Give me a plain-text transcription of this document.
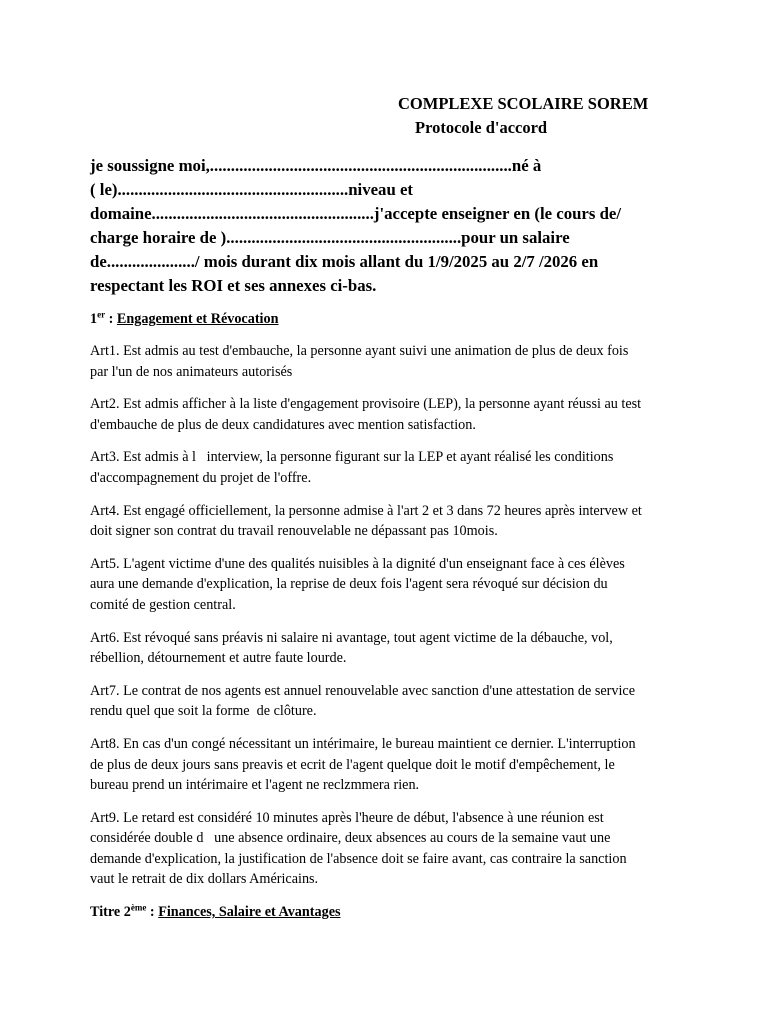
COMPLEXE SCOLAIRE SOREM
Protocole d'accord
je soussigne moi,........................................................................né à
( le).......................................................niveau et
domaine.....................................................j'accepte enseigner en (le cours de/
charge horaire de )........................................................pour un salaire
de...................../ mois durant dix mois allant du 1/9/2025 au 2/7 /2026 en
respectant les ROI et ses annexes ci-bas.
1er : Engagement et Révocation
Art1. Est admis au test d'embauche, la personne ayant suivi une animation de plus de deux fois
par l'un de nos animateurs autorisés
Art2. Est admis afficher à la liste d'engagement provisoire (LEP), la personne ayant réussi au test
d'embauche de plus de deux candidatures avec mention satisfaction.
Art3. Est admis à l   interview, la personne figurant sur la LEP et ayant réalisé les conditions
d'accompagnement du projet de l'offre.
Art4. Est engagé officiellement, la personne admise à l'art 2 et 3 dans 72 heures après intervew et
doit signer son contrat du travail renouvelable ne dépassant pas 10mois.
Art5. L'agent victime d'une des qualités nuisibles à la dignité d'un enseignant face à ces élèves
aura une demande d'explication, la reprise de deux fois l'agent sera révoqué sur décision du
comité de gestion central.
Art6. Est révoqué sans préavis ni salaire ni avantage, tout agent victime de la débauche, vol,
rébellion, détournement et autre faute lourde.
Art7. Le contrat de nos agents est annuel renouvelable avec sanction d'une attestation de service
rendu quel que soit la forme  de clôture.
Art8. En cas d'un congé nécessitant un intérimaire, le bureau maintient ce dernier. L'interruption
de plus de deux jours sans preavis et ecrit de l'agent quelque doit le motif d'empêchement, le
bureau prend un intérimaire et l'agent ne reclzmmera rien.
Art9. Le retard est considéré 10 minutes après l'heure de début, l'absence à une réunion est
considérée double d   une absence ordinaire, deux absences au cours de la semaine vaut une
demande d'explication, la justification de l'absence doit se faire avant, cas contraire la sanction
vaut le retrait de dix dollars Américains.
Titre 2ème : Finances, Salaire et Avantages
